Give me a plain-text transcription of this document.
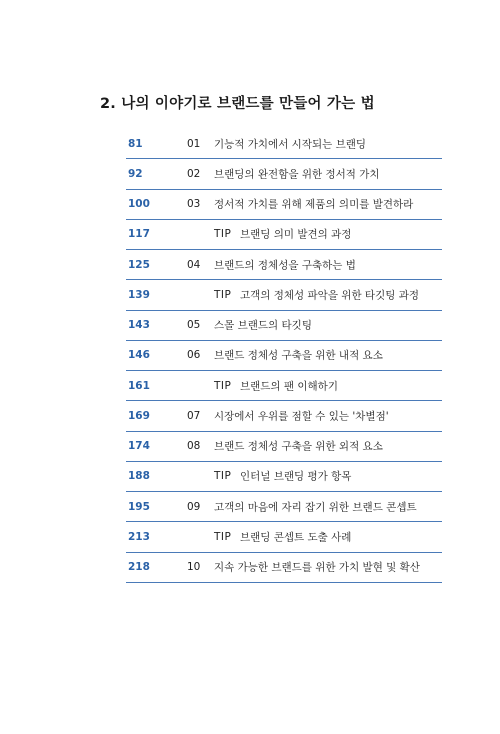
2. 나의 이야기로 브랜드를 만들어 가는 법
81	01 기능적 가치에서 시작되는 브랜딩
92	02 브랜딩의 완전함을 위한 정서적 가치
100	03 정서적 가치를 위해 제품의 의미를 발견하라
117	TIP 브랜딩 의미 발견의 과정
125	04 브랜드의 정체성을 구축하는 법
139	TIP 고객의 정체성 파악을 위한 타깃팅 과정
143	05 스몰 브랜드의 타깃팅
146	06 브랜드 정체성 구축을 위한 내적 요소
161	TIP 브랜드의 팬 이해하기
169	07 시장에서 우위를 점할 수 있는 '차별점'
174	08 브랜드 정체성 구축을 위한 외적 요소
188	TIP 인터널 브랜딩 평가 항목
195	09 고객의 마음에 자리 잡기 위한 브랜드 콘셉트
213	TIP 브랜딩 콘셉트 도출 사례
218	10 지속 가능한 브랜드를 위한 가치 발현 및 확산
